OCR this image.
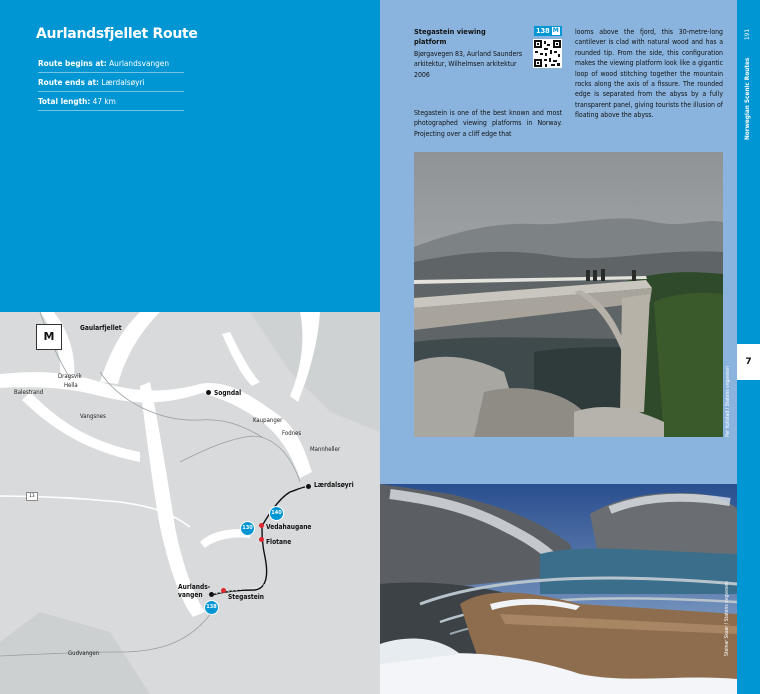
Aurlandsfjellet Route
Route begins at: Aurlandsvangen
Route ends at: Lærdalsøyri
Total length: 47 km
M
Gaularfjellet
Dragsvik
Hella
Balestrand	Sogndal
Vangsnes
Kaupanger
Fodnes
Mannheller
Lærdalsøyri
Vedahaugane
Flotane
Aurlands-
vangen	Stegastein
Gudvangen
13
140
130
138
Stegastein viewing platform
Bjørgavegen 83, Aurland Saunders arkitektur, Wilhelmsen arkitektur 2006
138 M
Stegastein is one of the best known and most photographed viewing platforms in Norway. Projecting over a cliff edge that
looms above the fjord, this 30-metre-long cantilever is clad with natural wood and has a rounded tip. From the side, this configuration makes the viewing platform look like a gigantic loop of wood stitching together the mountain rocks along the axis of a fissure. The rounded edge is separated from the abyss by a fully transparent panel, giving tourists the illusion of floating above the abyss.
Per Kollstad / Statens vegvesen
Steinar Skaar / Statens vegvesen
Norwegian Scenic Routes
191
7
